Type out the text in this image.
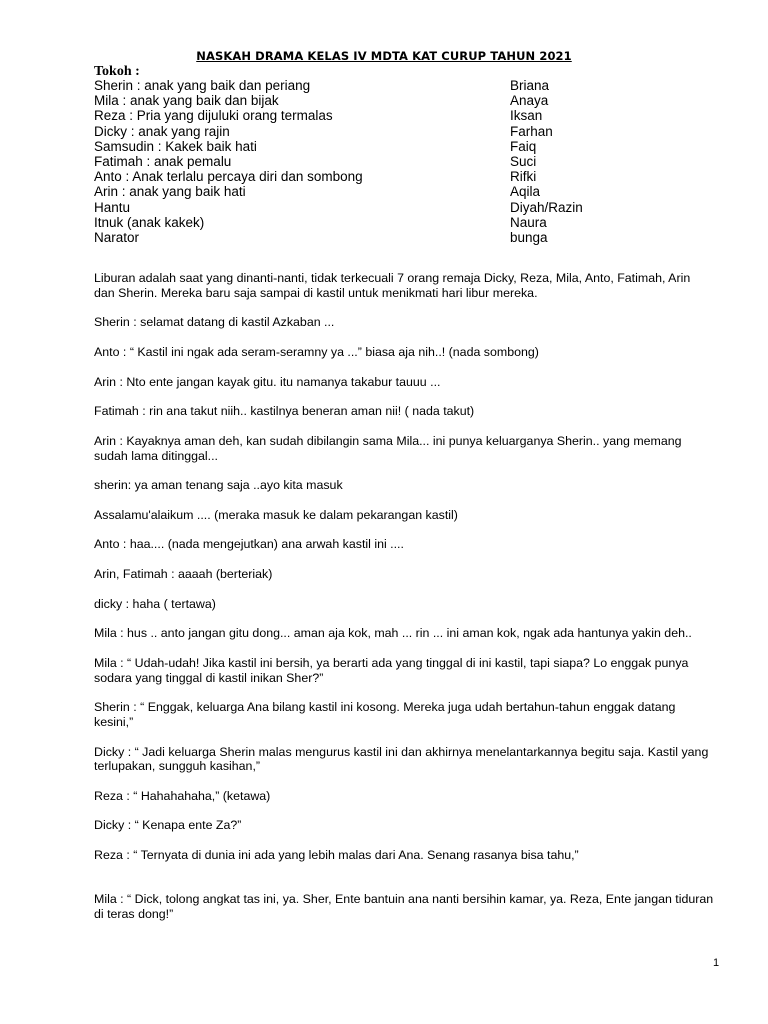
NASKAH DRAMA KELAS IV MDTA KAT CURUP TAHUN 2021
Tokoh :
Sherin : anak yang baik dan periang	Briana
Mila : anak yang baik dan bijak	Anaya
Reza : Pria yang dijuluki orang termalas	Iksan
Dicky : anak yang rajin	Farhan
Samsudin : Kakek baik hati	Faiq
Fatimah : anak pemalu	Suci
Anto : Anak terlalu percaya diri dan sombong	Rifki
Arin : anak yang baik hati	Aqila
Hantu	Diyah/Razin
Itnuk (anak kakek)	Naura
Narator	bunga

Liburan adalah saat yang dinanti-nanti, tidak terkecuali 7 orang remaja Dicky, Reza, Mila, Anto, Fatimah, Arin dan Sherin. Mereka baru saja sampai di kastil untuk menikmati hari libur mereka.

Sherin : selamat datang di kastil Azkaban ...

Anto : “ Kastil ini ngak ada seram-seramny ya ...” biasa aja nih..! (nada sombong)

Arin : Nto ente jangan kayak gitu. itu namanya takabur tauuu ...

Fatimah : rin ana takut niih.. kastilnya beneran aman nii! ( nada takut)

Arin : Kayaknya aman deh, kan sudah dibilangin sama Mila... ini punya keluarganya Sherin.. yang memang sudah lama ditinggal...

sherin: ya aman tenang saja ..ayo kita masuk

Assalamu'alaikum .... (meraka masuk ke dalam pekarangan kastil)

Anto : haa.... (nada mengejutkan) ana arwah kastil ini ....

Arin, Fatimah : aaaah (berteriak)

dicky : haha ( tertawa)

Mila : hus .. anto jangan gitu dong... aman aja kok, mah ... rin ... ini aman kok, ngak ada hantunya yakin deh..

Mila : “ Udah-udah! Jika kastil ini bersih, ya berarti ada yang tinggal di ini kastil, tapi siapa? Lo enggak punya sodara yang tinggal di kastil inikan Sher?”

Sherin : “ Enggak, keluarga Ana bilang kastil ini kosong. Mereka juga udah bertahun-tahun enggak datang kesini,”

Dicky : “ Jadi keluarga Sherin malas mengurus kastil ini dan akhirnya menelantarkannya begitu saja. Kastil yang terlupakan, sungguh kasihan,”

Reza : “ Hahahahaha,” (ketawa)

Dicky : “ Kenapa ente Za?”

Reza : “ Ternyata di dunia ini ada yang lebih malas dari Ana. Senang rasanya bisa tahu,”

Mila : “ Dick, tolong angkat tas ini, ya. Sher, Ente bantuin ana nanti bersihin kamar, ya. Reza, Ente jangan tiduran di teras dong!”

1
